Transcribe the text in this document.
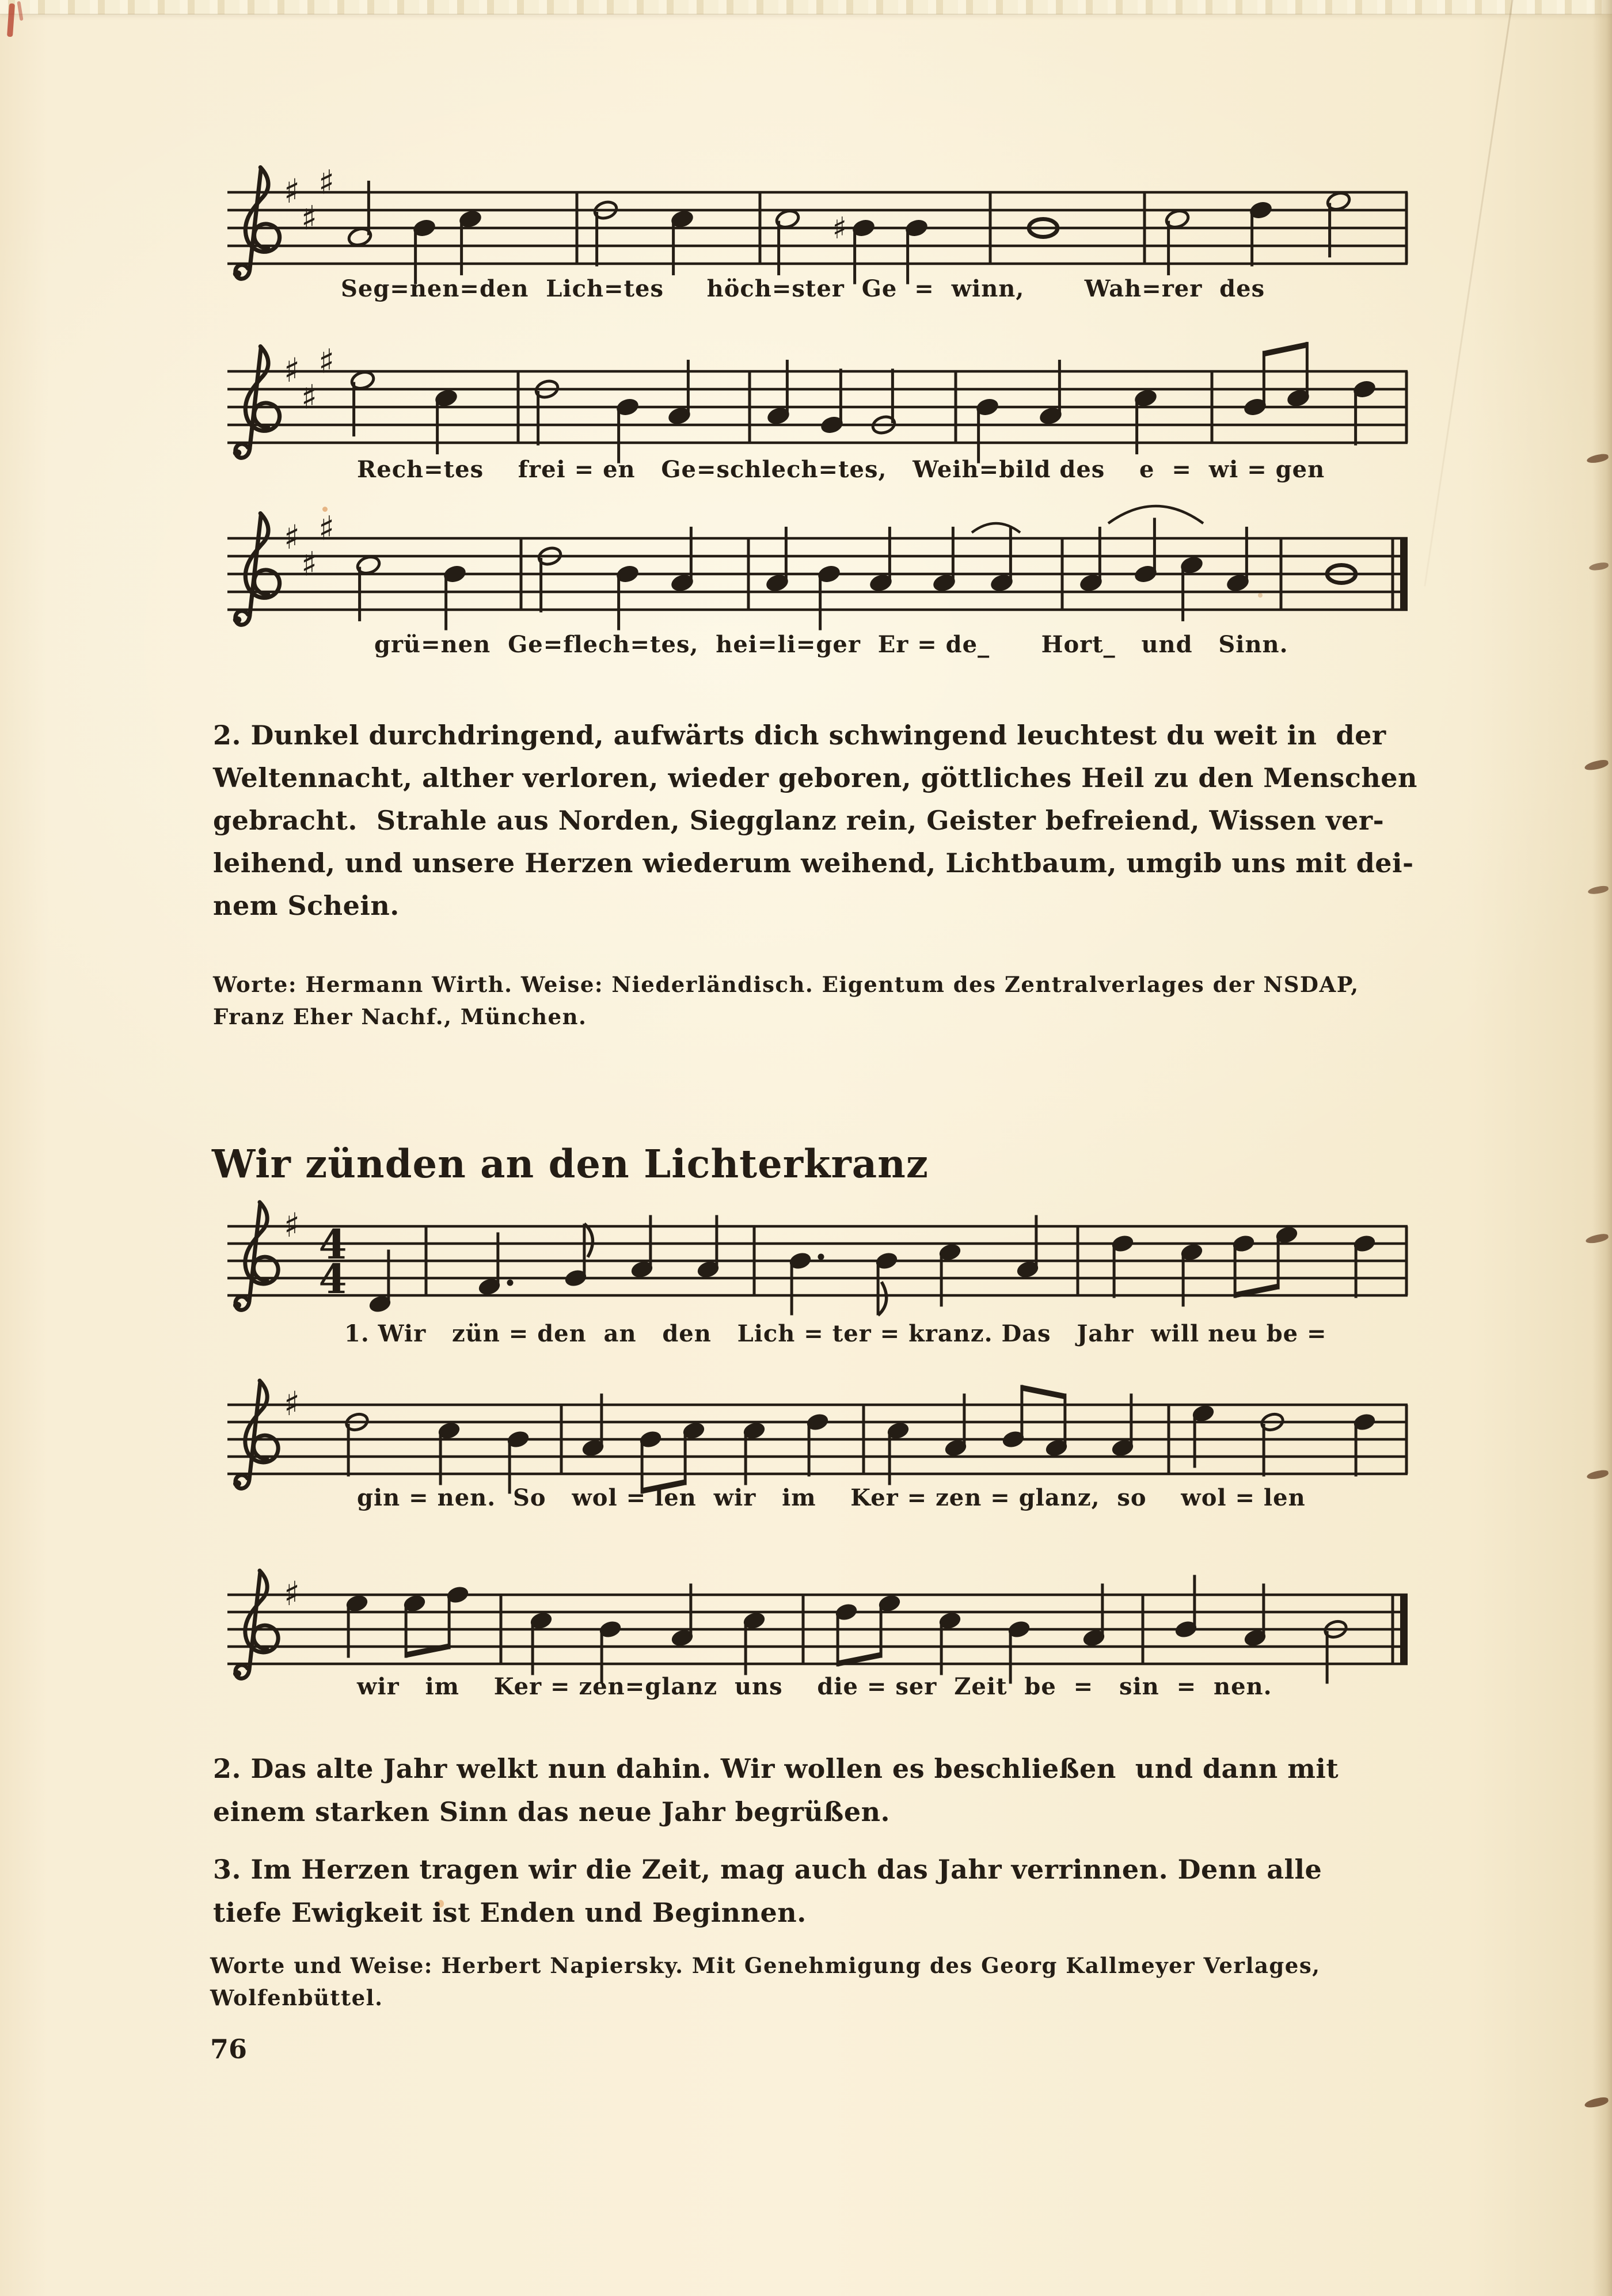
♯
♯
♯
♯
Seg=nen=den  Lich=tes     höch=ster  Ge  =  winn,       Wah=rer  des
♯
♯
♯
Rech=tes    frei = en   Ge=schlech=tes,   Weih=bild des    e  =  wi = gen
♯
♯
♯
grü=nen  Ge=flech=tes,  hei=li=ger  Er = de_      Hort_   und   Sinn.
2. Dunkel durchdringend, aufwärts dich schwingend leuchtest du weit in  der
Weltennacht, alther verloren, wieder geboren, göttliches Heil zu den Menschen
gebracht.  Strahle aus Norden, Siegglanz rein, Geister befreiend, Wissen ver-
leihend, und unsere Herzen wiederum weihend, Lichtbaum, umgib uns mit dei-
nem Schein.
Worte: Hermann Wirth. Weise: Niederländisch. Eigentum des Zentralverlages der NSDAP,
Franz Eher Nachf., München.
Wir zünden an den Lichterkranz
♯ 4
4
1. Wir   zün = den  an   den   Lich = ter = kranz. Das   Jahr  will neu be =
♯
gin = nen.  So   wol = len  wir   im    Ker = zen = glanz,  so    wol = len
♯
wir   im    Ker = zen=glanz  uns    die = ser  Zeit  be  =   sin  =  nen.
2. Das alte Jahr welkt nun dahin. Wir wollen es beschließen  und dann mit
einem starken Sinn das neue Jahr begrüßen.
3. Im Herzen tragen wir die Zeit, mag auch das Jahr verrinnen. Denn alle
tiefe Ewigkeit ist Enden und Beginnen.
Worte und Weise: Herbert Napiersky. Mit Genehmigung des Georg Kallmeyer Verlages,
Wolfenbüttel.
76
